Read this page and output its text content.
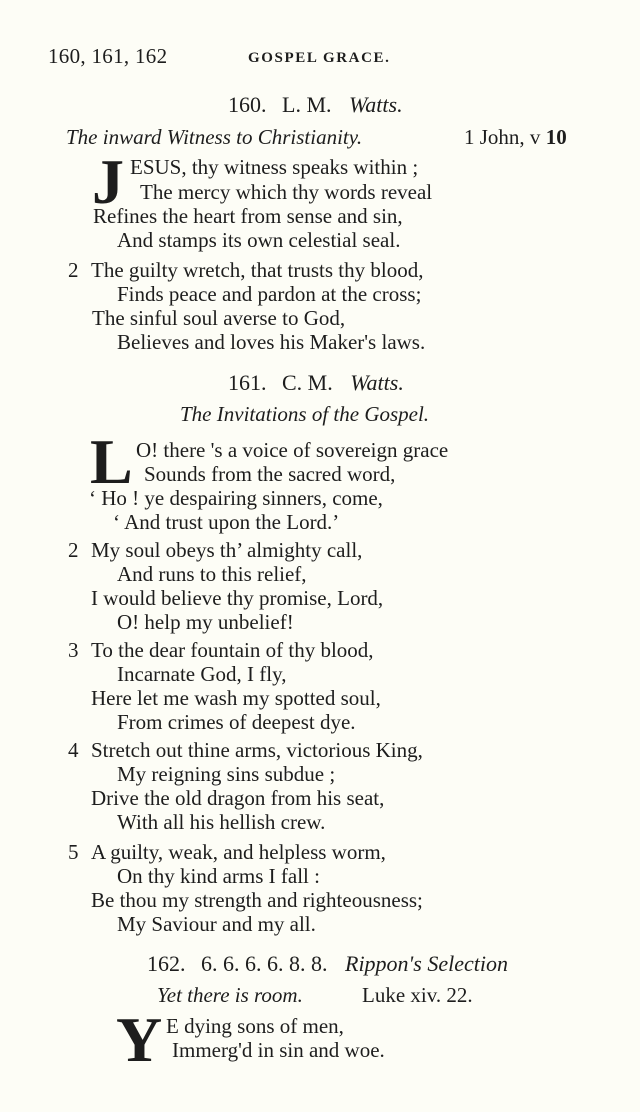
160, 161, 162	GOSPEL GRACE.
160. L. M. Watts.
The inward Witness to Christianity.	1 John, v 10
J ESUS, thy witness speaks within ;
The mercy which thy words reveal
Refines the heart from sense and sin,
And stamps its own celestial seal.
2 The guilty wretch, that trusts thy blood,
Finds peace and pardon at the cross;
The sinful soul averse to God,
Believes and loves his Maker's laws.
161. C. M. Watts.
The Invitations of the Gospel.
L O! there 's a voice of sovereign grace
Sounds from the sacred word,
‘ Ho ! ye despairing sinners, come,
‘ And trust upon the Lord.’
2 My soul obeys th’ almighty call,
And runs to this relief,
I would believe thy promise, Lord,
O! help my unbelief!
3 To the dear fountain of thy blood,
Incarnate God, I fly,
Here let me wash my spotted soul,
From crimes of deepest dye.
4 Stretch out thine arms, victorious King,
My reigning sins subdue ;
Drive the old dragon from his seat,
With all his hellish crew.
5 A guilty, weak, and helpless worm,
On thy kind arms I fall :
Be thou my strength and righteousness;
My Saviour and my all.
162. 6. 6. 6. 6. 8. 8. Rippon's Selection
Yet there is room.	Luke xiv. 22.
Y E dying sons of men,
Immerg'd in sin and woe.
